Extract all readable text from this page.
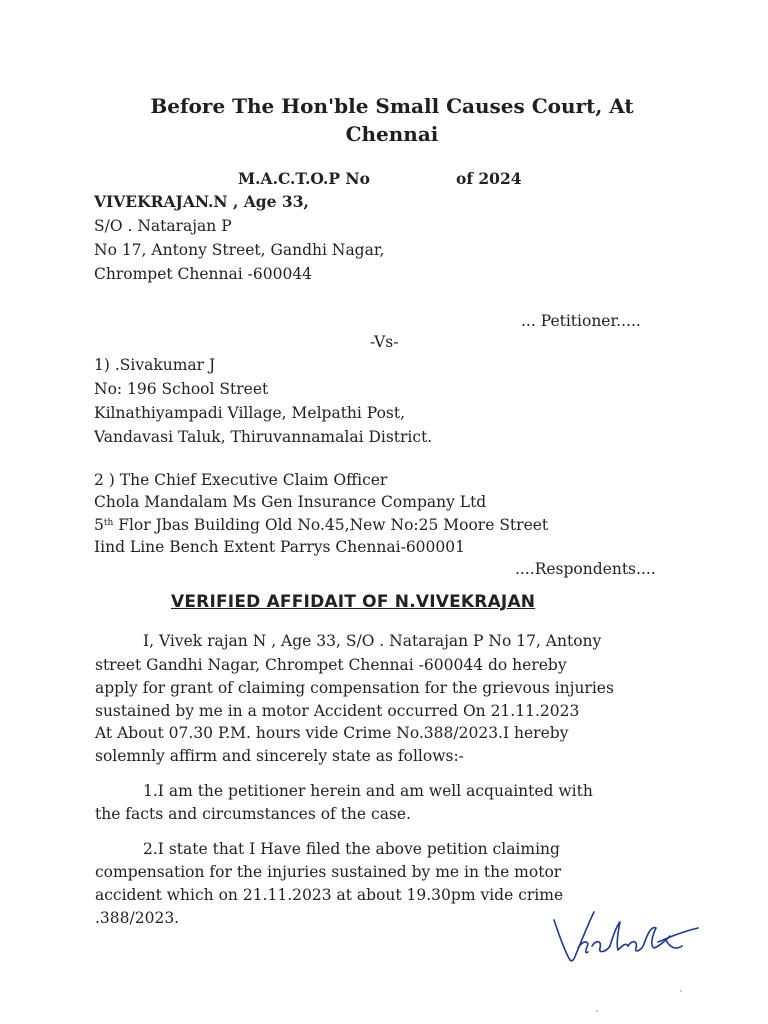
Before The Hon'ble Small Causes Court, At
Chennai
M.A.C.T.O.P No	of 2024
VIVEKRAJAN.N , Age 33,
S/O . Natarajan P
No 17, Antony Street, Gandhi Nagar,
Chrompet Chennai -600044
... Petitioner.....
-Vs-
1) .Sivakumar J
No: 196 School Street
Kilnathiyampadi Village, Melpathi Post,
Vandavasi Taluk, Thiruvannamalai District.
2 ) The Chief Executive Claim Officer
Chola Mandalam Ms Gen Insurance Company Ltd
5th Flor Jbas Building Old No.45,New No:25 Moore Street
Iind Line Bench Extent Parrys Chennai-600001
....Respondents....
VERIFIED AFFIDAIT OF N.VIVEKRAJAN
I, Vivek rajan N , Age 33, S/O . Natarajan P No 17, Antony
street Gandhi Nagar, Chrompet Chennai -600044 do hereby
apply for grant of claiming compensation for the grievous injuries
sustained by me in a motor Accident occurred On 21.11.2023
At About 07.30 P.M. hours vide Crime No.388/2023.I hereby
solemnly affirm and sincerely state as follows:-
1.I am the petitioner herein and am well acquainted with
the facts and circumstances of the case.
2.I state that I Have filed the above petition claiming
compensation for the injuries sustained by me in the motor
accident which on 21.11.2023 at about 19.30pm vide crime
.388/2023.
